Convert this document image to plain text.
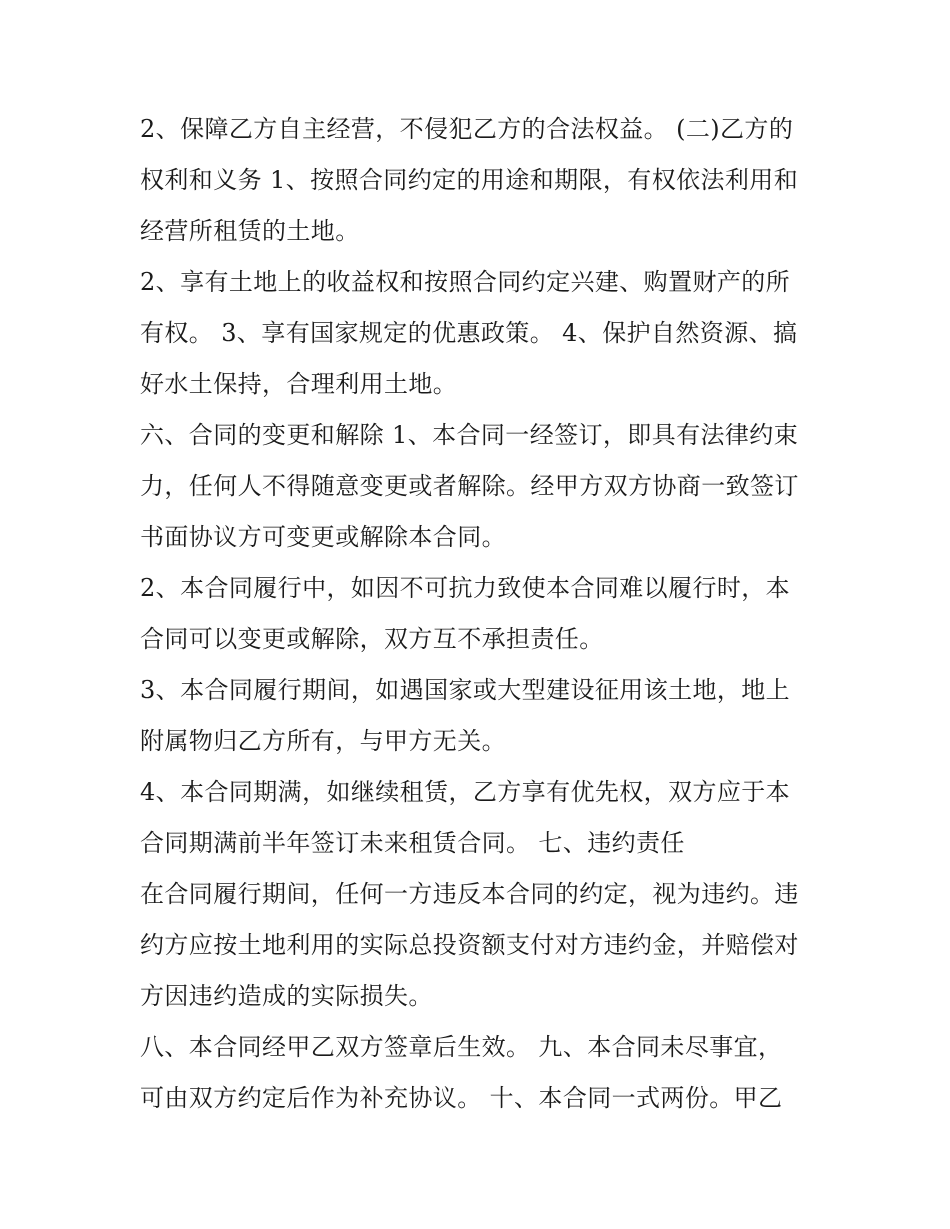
2、保障乙方自主经营，不侵犯乙方的合法权益。 (二)乙方的
权利和义务 1、按照合同约定的用途和期限，有权依法利用和
经营所租赁的土地。
2、享有土地上的收益权和按照合同约定兴建、购置财产的所
有权。 3、享有国家规定的优惠政策。 4、保护自然资源、搞
好水土保持，合理利用土地。
六、合同的变更和解除 1、本合同一经签订，即具有法律约束
力，任何人不得随意变更或者解除。经甲方双方协商一致签订
书面协议方可变更或解除本合同。
2、本合同履行中，如因不可抗力致使本合同难以履行时，本
合同可以变更或解除，双方互不承担责任。
3、本合同履行期间，如遇国家或大型建设征用该土地，地上
附属物归乙方所有，与甲方无关。
4、本合同期满，如继续租赁，乙方享有优先权，双方应于本
合同期满前半年签订未来租赁合同。 七、违约责任
在合同履行期间，任何一方违反本合同的约定，视为违约。违
约方应按土地利用的实际总投资额支付对方违约金，并赔偿对
方因违约造成的实际损失。
八、本合同经甲乙双方签章后生效。 九、本合同未尽事宜，
可由双方约定后作为补充协议。 十、本合同一式两份。甲乙
